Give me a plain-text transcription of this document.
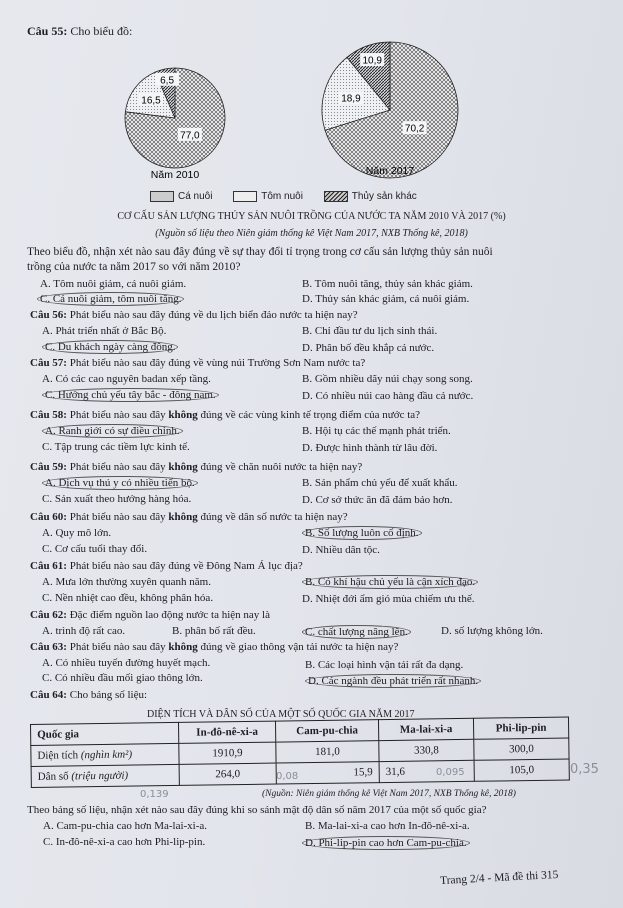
Câu 55: Cho biểu đồ:
77,0
16,5
6,5
Năm 2010
70,2
18,9
10,9
Năm 2017
Cá nuôi	Tôm nuôi	Thủy sản khác
CƠ CẤU SẢN LƯỢNG THỦY SẢN NUÔI TRỒNG CỦA NƯỚC TA NĂM 2010 VÀ 2017 (%)
(Nguồn số liệu theo Niên giám thống kê Việt Nam 2017, NXB Thống kê, 2018)
Theo biểu đồ, nhận xét nào sau đây đúng về sự thay đổi tỉ trọng trong cơ cấu sản lượng thủy sản nuôi
trồng của nước ta năm 2017 so với năm 2010?
A. Tôm nuôi giảm, cá nuôi giảm.	B. Tôm nuôi tăng, thủy sản khác giảm.
C. Cá nuôi giảm, tôm nuôi tăng.	D. Thủy sản khác giảm, cá nuôi giảm.
Câu 56: Phát biểu nào sau đây đúng về du lịch biển đảo nước ta hiện nay?
A. Phát triển nhất ở Bắc Bộ.	B. Chỉ đầu tư du lịch sinh thái.
C. Du khách ngày càng đông.	D. Phân bố đều khắp cả nước.
Câu 57: Phát biểu nào sau đây đúng về vùng núi Trường Sơn Nam nước ta?
A. Có các cao nguyên badan xếp tầng.	B. Gồm nhiều dãy núi chạy song song.
C. Hướng chủ yếu tây bắc - đông nam.	D. Có nhiều núi cao hàng đầu cả nước.
Câu 58: Phát biểu nào sau đây không đúng về các vùng kinh tế trọng điểm của nước ta?
A. Ranh giới có sự điều chỉnh.	B. Hội tụ các thế mạnh phát triển.
C. Tập trung các tiềm lực kinh tế.	D. Được hình thành từ lâu đời.
Câu 59: Phát biểu nào sau đây không đúng về chăn nuôi nước ta hiện nay?
A. Dịch vụ thú y có nhiều tiến bộ.	B. Sản phẩm chủ yếu để xuất khẩu.
C. Sản xuất theo hướng hàng hóa.	D. Cơ sở thức ăn đã đảm bảo hơn.
Câu 60: Phát biểu nào sau đây không đúng về dân số nước ta hiện nay?
A. Quy mô lớn.	B. Số lượng luôn cố định.
C. Cơ cấu tuổi thay đổi.	D. Nhiều dân tộc.
Câu 61: Phát biểu nào sau đây đúng về Đông Nam Á lục địa?
A. Mưa lớn thường xuyên quanh năm.	B. Có khí hậu chủ yếu là cận xích đạo.
C. Nền nhiệt cao đều, không phân hóa.	D. Nhiệt đới ẩm gió mùa chiếm ưu thế.
Câu 62: Đặc điểm nguồn lao động nước ta hiện nay là
A. trình độ rất cao.	B. phân bố rất đều.	C. chất lượng nâng lên.	D. số lượng không lớn.
Câu 63: Phát biểu nào sau đây không đúng về giao thông vận tải nước ta hiện nay?
A. Có nhiều tuyến đường huyết mạch.	B. Các loại hình vận tải rất đa dạng.
C. Có nhiều đầu mối giao thông lớn.	D. Các ngành đều phát triển rất nhanh.
Câu 64: Cho bảng số liệu:
DIỆN TÍCH VÀ DÂN SỐ CỦA MỘT SỐ QUỐC GIA NĂM 2017
Quốc gia	In-đô-nê-xi-a	Cam-pu-chia	Ma-lai-xi-a	Phi-lip-pin
Diện tích (nghìn km²)	1910,9	181,0	330,8	300,0
Dân số (triệu người)	264,0	15,9	31,6	105,0
0,139
0,08	0,095	0,35
(Nguồn: Niên giám thống kê Việt Nam 2017, NXB Thống kê, 2018)
Theo bảng số liệu, nhận xét nào sau đây đúng khi so sánh mật độ dân số năm 2017 của một số quốc gia?
A. Cam-pu-chia cao hơn Ma-lai-xi-a.	B. Ma-lai-xi-a cao hơn In-đô-nê-xi-a.
C. In-đô-nê-xi-a cao hơn Phi-lip-pin.	D. Phi-lip-pin cao hơn Cam-pu-chia.
Trang 2/4 - Mã đề thi 315
